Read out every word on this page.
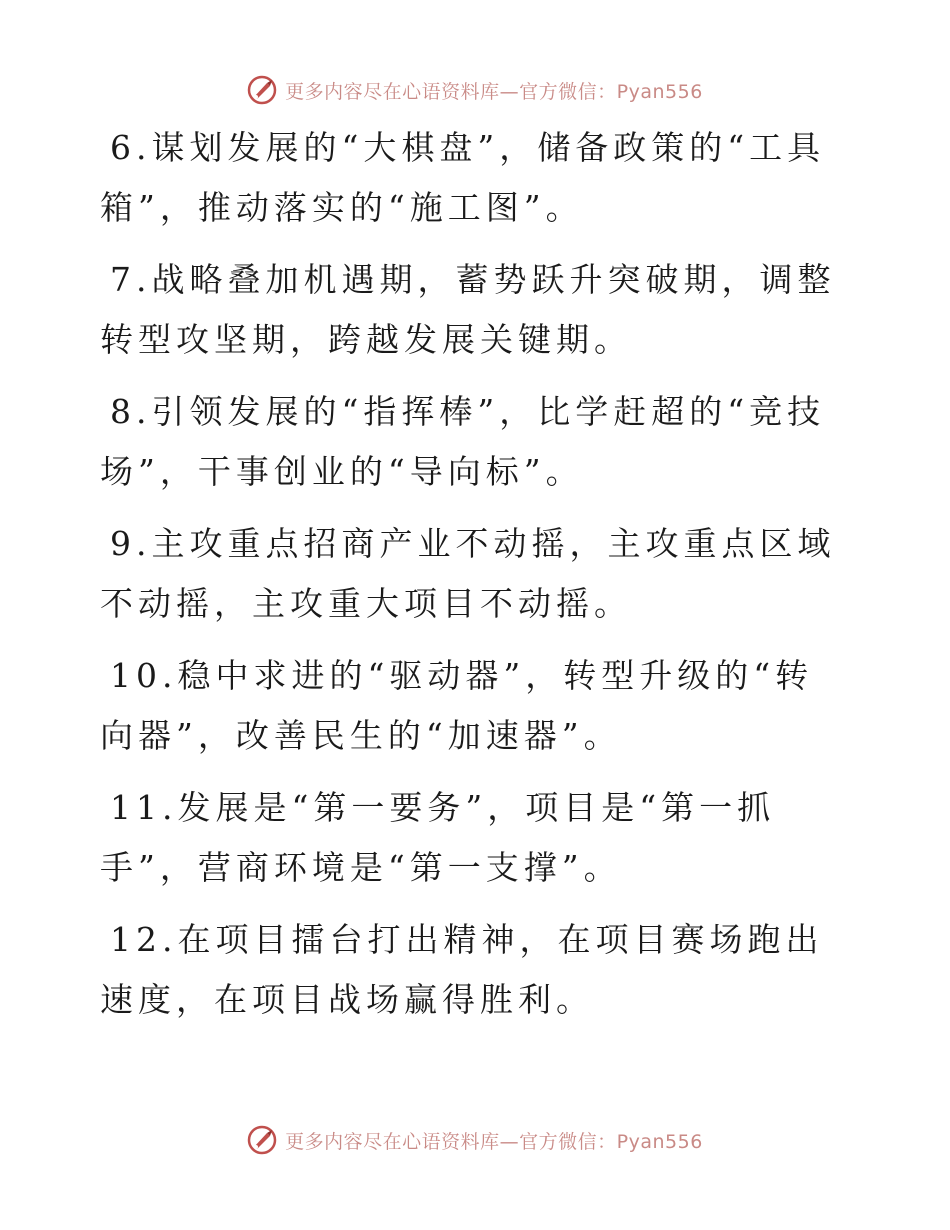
更多内容尽在心语资料库—官方微信：Pyan556

6.谋划发展的“大棋盘”，储备政策的“工具箱”，推动落实的“施工图”。

7.战略叠加机遇期，蓄势跃升突破期，调整转型攻坚期，跨越发展关键期。

8.引领发展的“指挥棒”，比学赶超的“竞技场”，干事创业的“导向标”。

9.主攻重点招商产业不动摇，主攻重点区域不动摇，主攻重大项目不动摇。

10.稳中求进的“驱动器”，转型升级的“转向器”，改善民生的“加速器”。

11.发展是“第一要务”，项目是“第一抓手”，营商环境是“第一支撑”。

12.在项目擂台打出精神，在项目赛场跑出速度，在项目战场赢得胜利。

更多内容尽在心语资料库—官方微信：Pyan556
